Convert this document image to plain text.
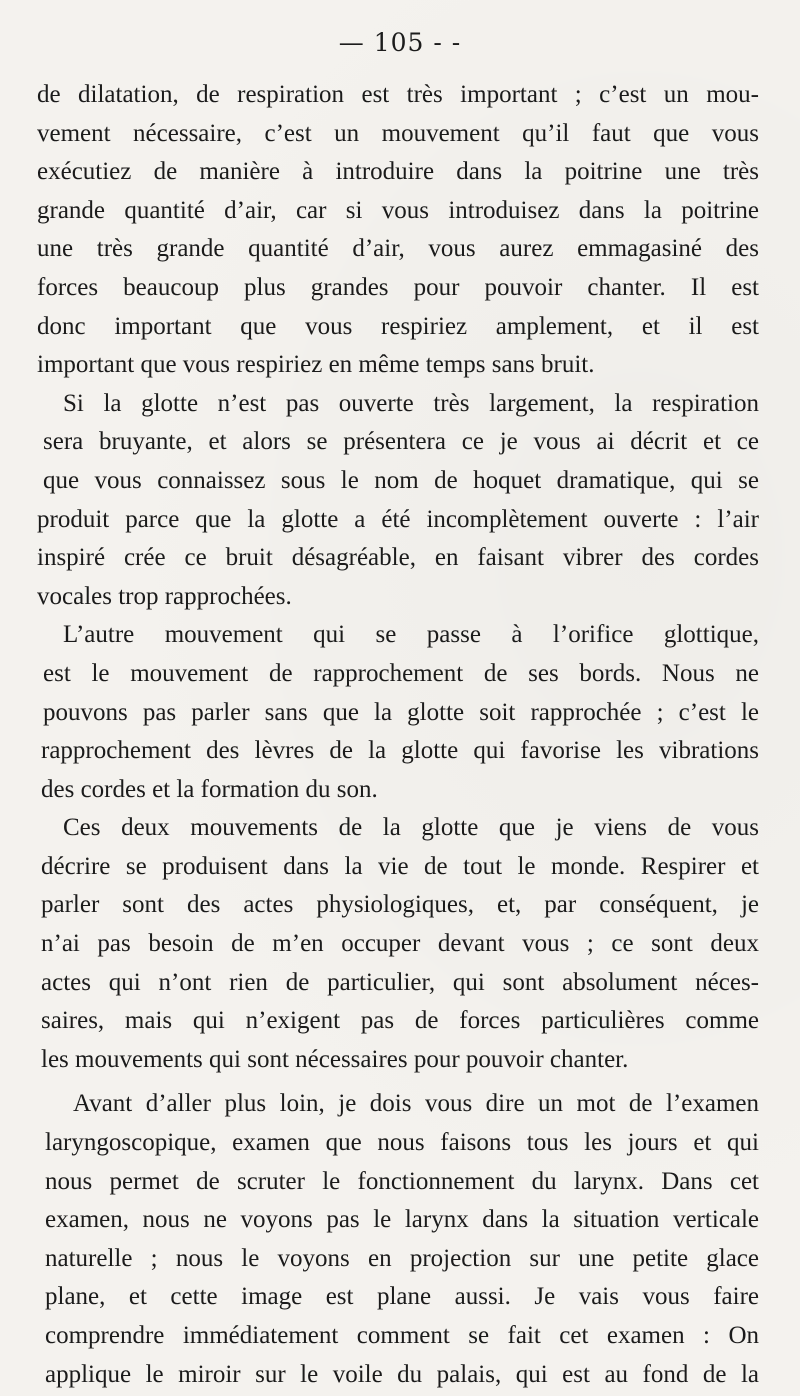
— 105 - -
de dilatation, de respiration est très important ; c’est un mou-
vement nécessaire, c’est un mouvement qu’il faut que vous
exécutiez de manière à introduire dans la poitrine une très
grande quantité d’air, car si vous introduisez dans la poitrine
une très grande quantité d’air, vous aurez emmagasiné des
forces beaucoup plus grandes pour pouvoir chanter. Il est
donc important que vous respiriez amplement, et il est
important que vous respiriez en même temps sans bruit.
Si la glotte n’est pas ouverte très largement, la respiration
sera bruyante, et alors se présentera ce je vous ai décrit et ce
que vous connaissez sous le nom de hoquet dramatique, qui se
produit parce que la glotte a été incomplètement ouverte : l’air
inspiré crée ce bruit désagréable, en faisant vibrer des cordes
vocales trop rapprochées.
L’autre mouvement qui se passe à l’orifice glottique,
est le mouvement de rapprochement de ses bords. Nous ne
pouvons pas parler sans que la glotte soit rapprochée ; c’est le
rapprochement des lèvres de la glotte qui favorise les vibrations
des cordes et la formation du son.
Ces deux mouvements de la glotte que je viens de vous
décrire se produisent dans la vie de tout le monde. Respirer et
parler sont des actes physiologiques, et, par conséquent, je
n’ai pas besoin de m’en occuper devant vous ; ce sont deux
actes qui n’ont rien de particulier, qui sont absolument néces-
saires, mais qui n’exigent pas de forces particulières comme
les mouvements qui sont nécessaires pour pouvoir chanter.
Avant d’aller plus loin, je dois vous dire un mot de l’examen
laryngoscopique, examen que nous faisons tous les jours et qui
nous permet de scruter le fonctionnement du larynx. Dans cet
examen, nous ne voyons pas le larynx dans la situation verticale
naturelle ; nous le voyons en projection sur une petite glace
plane, et cette image est plane aussi. Je vais vous faire
comprendre immédiatement comment se fait cet examen : On
applique le miroir sur le voile du palais, qui est au fond de la
